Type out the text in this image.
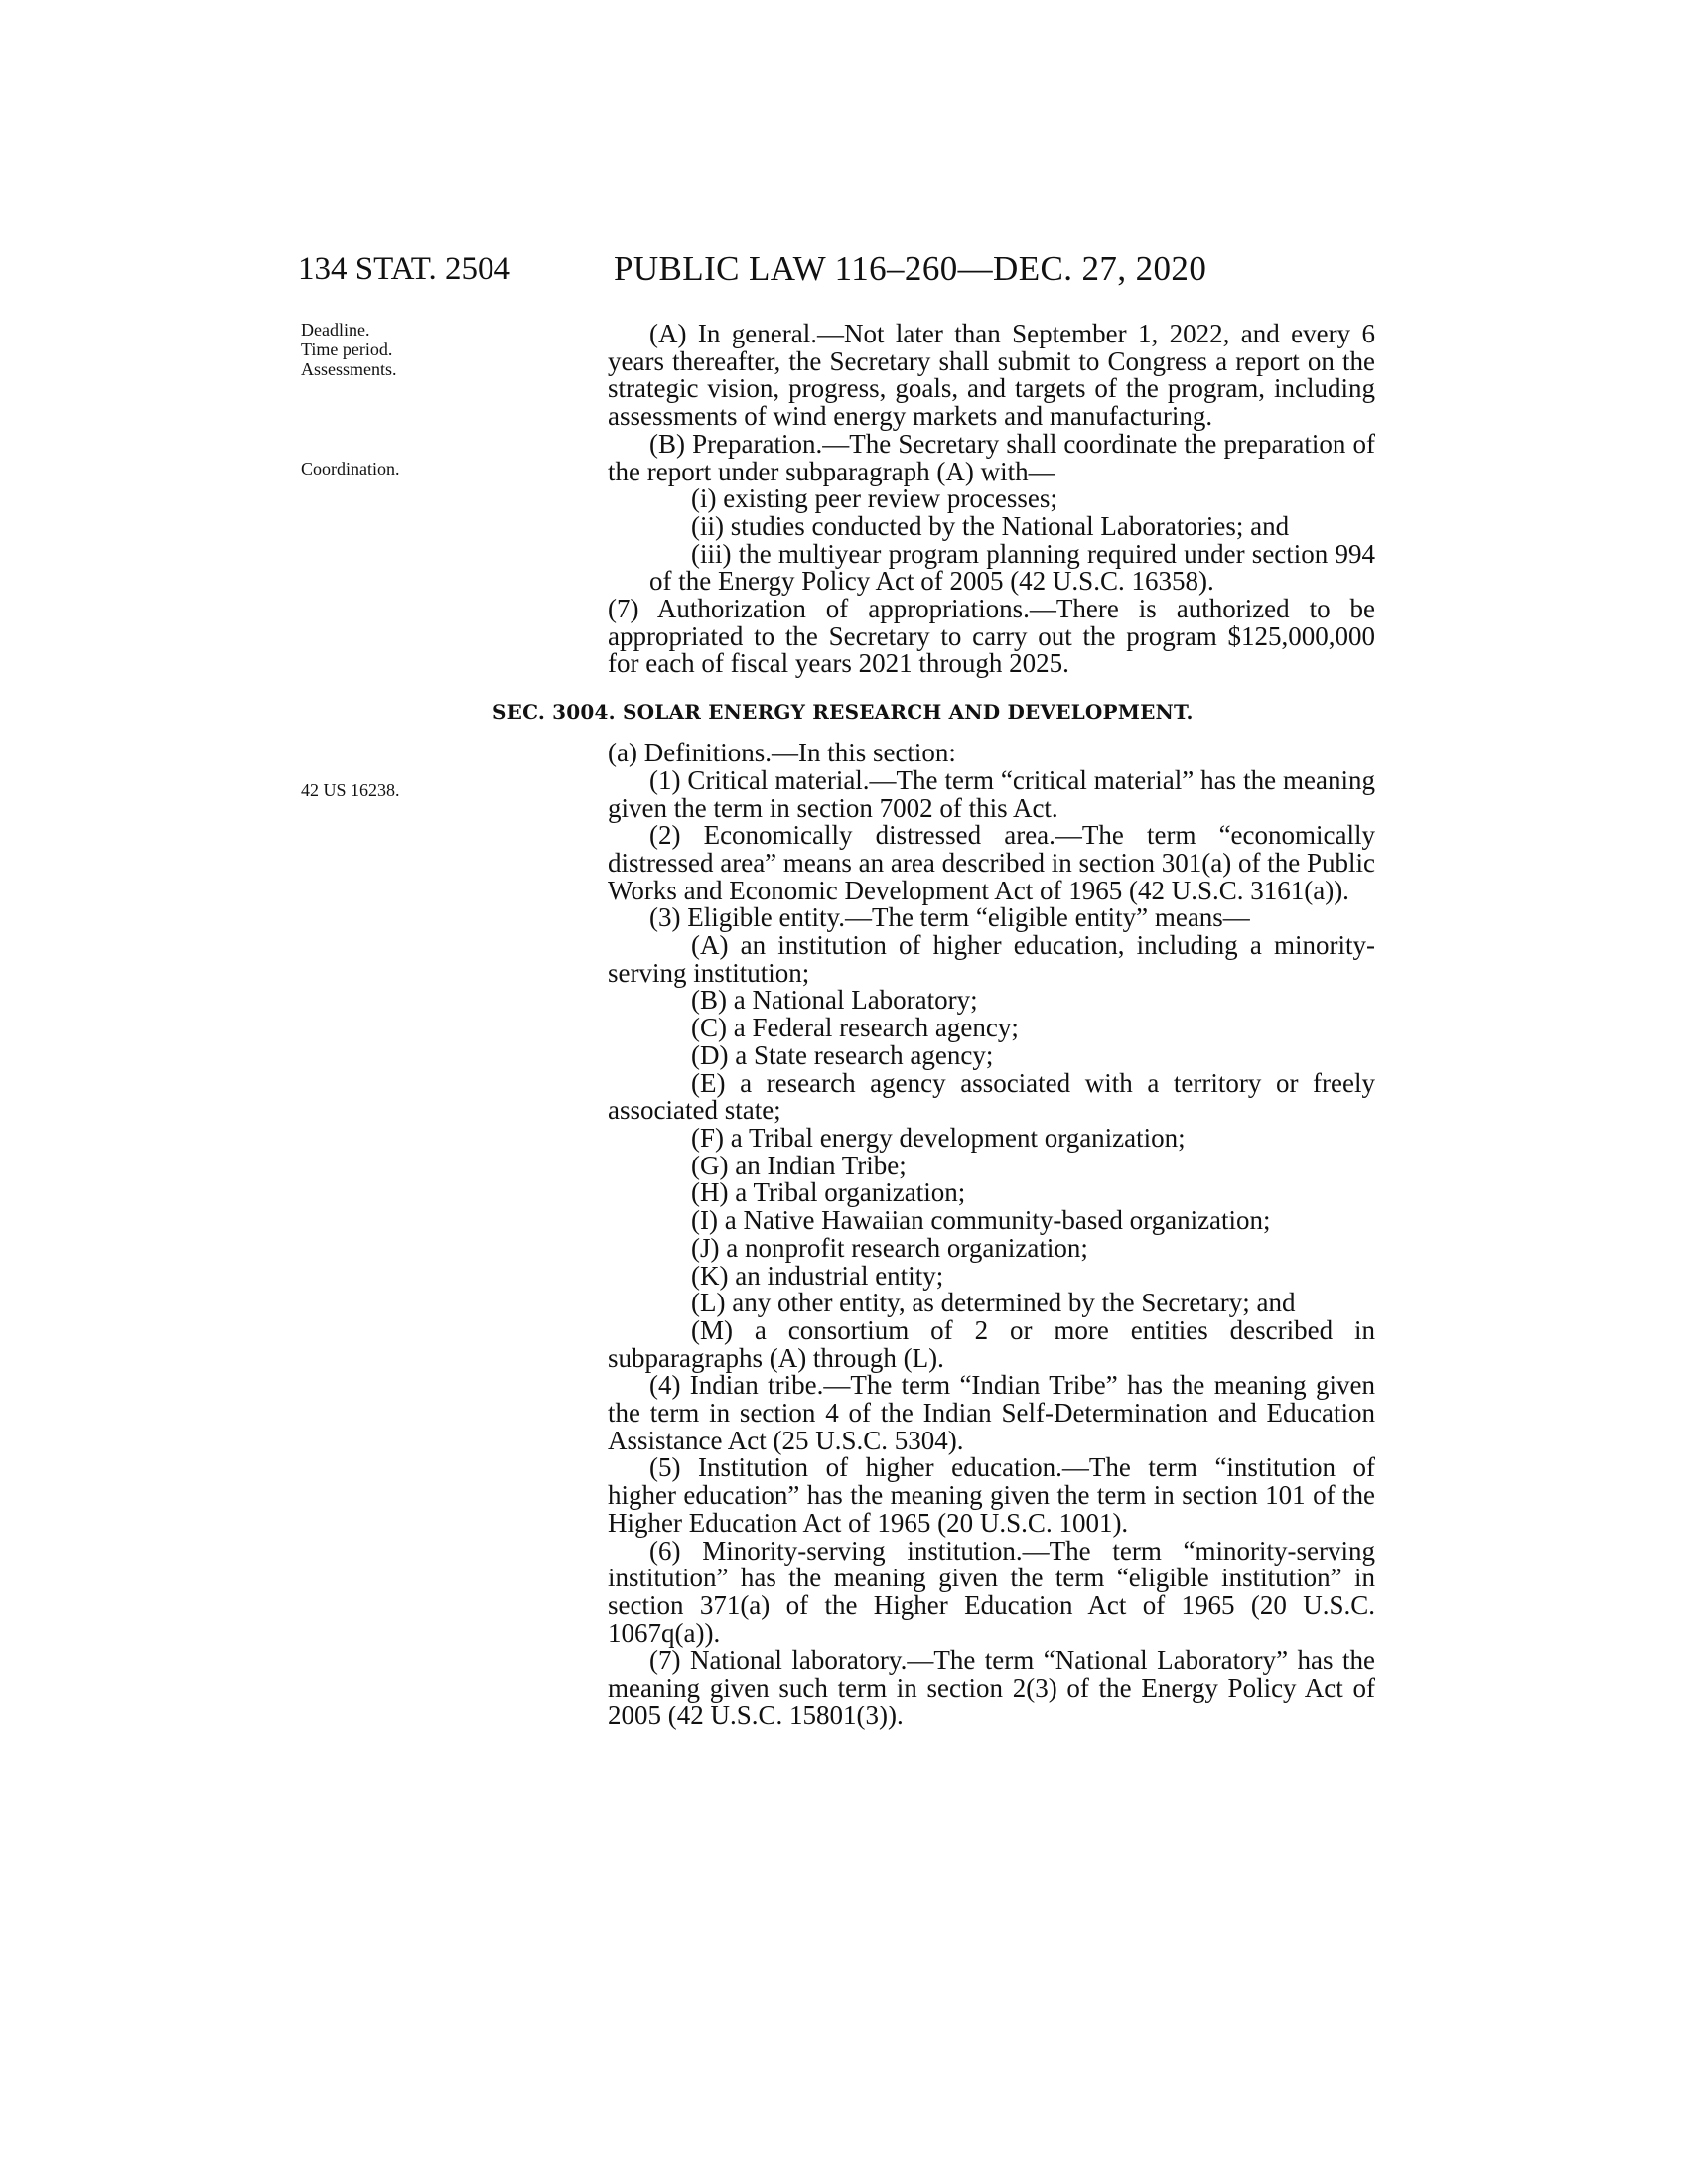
134 STAT. 2504	PUBLIC LAW 116–260—DEC. 27, 2020
Deadline.
Time period.
Assessments.
Coordination.
42 US 16238.

(A) In general.—Not later than September 1, 2022, and every 6 years thereafter, the Secretary shall submit to Congress a report on the strategic vision, progress, goals, and targets of the program, including assessments of wind energy markets and manufacturing.

(B) Preparation.—The Secretary shall coordinate the preparation of the report under subparagraph (A) with—

(i) existing peer review processes;

(ii) studies conducted by the National Laboratories; and

(iii) the multiyear program planning required under section 994 of the Energy Policy Act of 2005 (42 U.S.C. 16358).

(7) Authorization of appropriations.—There is authorized to be appropriated to the Secretary to carry out the program $125,000,000 for each of fiscal years 2021 through 2025.

SEC. 3004. SOLAR ENERGY RESEARCH AND DEVELOPMENT.

(a) Definitions.—In this section:

(1) Critical material.—The term “critical material” has the meaning given the term in section 7002 of this Act.

(2) Economically distressed area.—The term “economically distressed area” means an area described in section 301(a) of the Public Works and Economic Development Act of 1965 (42 U.S.C. 3161(a)).

(3) Eligible entity.—The term “eligible entity” means—

(A) an institution of higher education, including a minority-serving institution;

(B) a National Laboratory;

(C) a Federal research agency;

(D) a State research agency;

(E) a research agency associated with a territory or freely associated state;

(F) a Tribal energy development organization;

(G) an Indian Tribe;

(H) a Tribal organization;

(I) a Native Hawaiian community-based organization;

(J) a nonprofit research organization;

(K) an industrial entity;

(L) any other entity, as determined by the Secretary; and

(M) a consortium of 2 or more entities described in subparagraphs (A) through (L).

(4) Indian tribe.—The term “Indian Tribe” has the meaning given the term in section 4 of the Indian Self-Determination and Education Assistance Act (25 U.S.C. 5304).

(5) Institution of higher education.—The term “institution of higher education” has the meaning given the term in section 101 of the Higher Education Act of 1965 (20 U.S.C. 1001).

(6) Minority-serving institution.—The term “minority-serving institution” has the meaning given the term “eligible institution” in section 371(a) of the Higher Education Act of 1965 (20 U.S.C. 1067q(a)).

(7) National laboratory.—The term “National Laboratory” has the meaning given such term in section 2(3) of the Energy Policy Act of 2005 (42 U.S.C. 15801(3)).
